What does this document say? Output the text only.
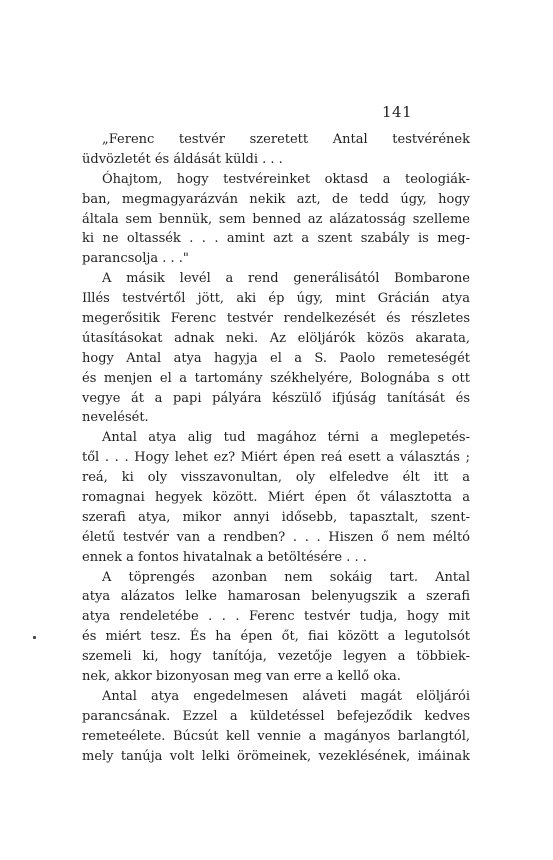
141
„Ferenc testvér szeretett Antal testvérének
üdvözletét és áldását küldi . . .
Óhajtom, hogy testvéreinket oktasd a teologiák-
ban, megmagyarázván nekik azt, de tedd úgy, hogy
általa sem bennük, sem benned az alázatosság szelleme
ki ne oltassék . . . amint azt a szent szabály is meg-
parancsolja . . ."
A másik levél a rend generálisától Bombarone
Illés testvértől jött, aki ép úgy, mint Grácián atya
megerősitik Ferenc testvér rendelkezését és részletes
útasításokat adnak neki. Az elöljárók közös akarata,
hogy Antal atya hagyja el a S. Paolo remeteségét
és menjen el a tartomány székhelyére, Bolognába s ott
vegye át a papi pályára készülő ifjúság tanítását és
nevelését.
Antal atya alig tud magához térni a meglepetés-
től . . . Hogy lehet ez? Miért épen reá esett a választás ;
reá, ki oly visszavonultan, oly elfeledve élt itt a
romagnai hegyek között. Miért épen őt választotta a
szerafi atya, mikor annyi idősebb, tapasztalt, szent-
életű testvér van a rendben? . . . Hiszen ő nem méltó
ennek a fontos hivatalnak a betöltésére . . .
A töprengés azonban nem sokáig tart. Antal
atya alázatos lelke hamarosan belenyugszik a szerafi
atya rendeletébe . . . Ferenc testvér tudja, hogy mit
és miért tesz. És ha épen őt, fiai között a legutolsót
szemeli ki, hogy tanítója, vezetője legyen a többiek-
nek, akkor bizonyosan meg van erre a kellő oka.
Antal atya engedelmesen aláveti magát elöljárói
parancsának. Ezzel a küldetéssel befejeződik kedves
remeteélete. Búcsút kell vennie a magányos barlangtól,
mely tanúja volt lelki örömeinek, vezeklésének, imáinak
